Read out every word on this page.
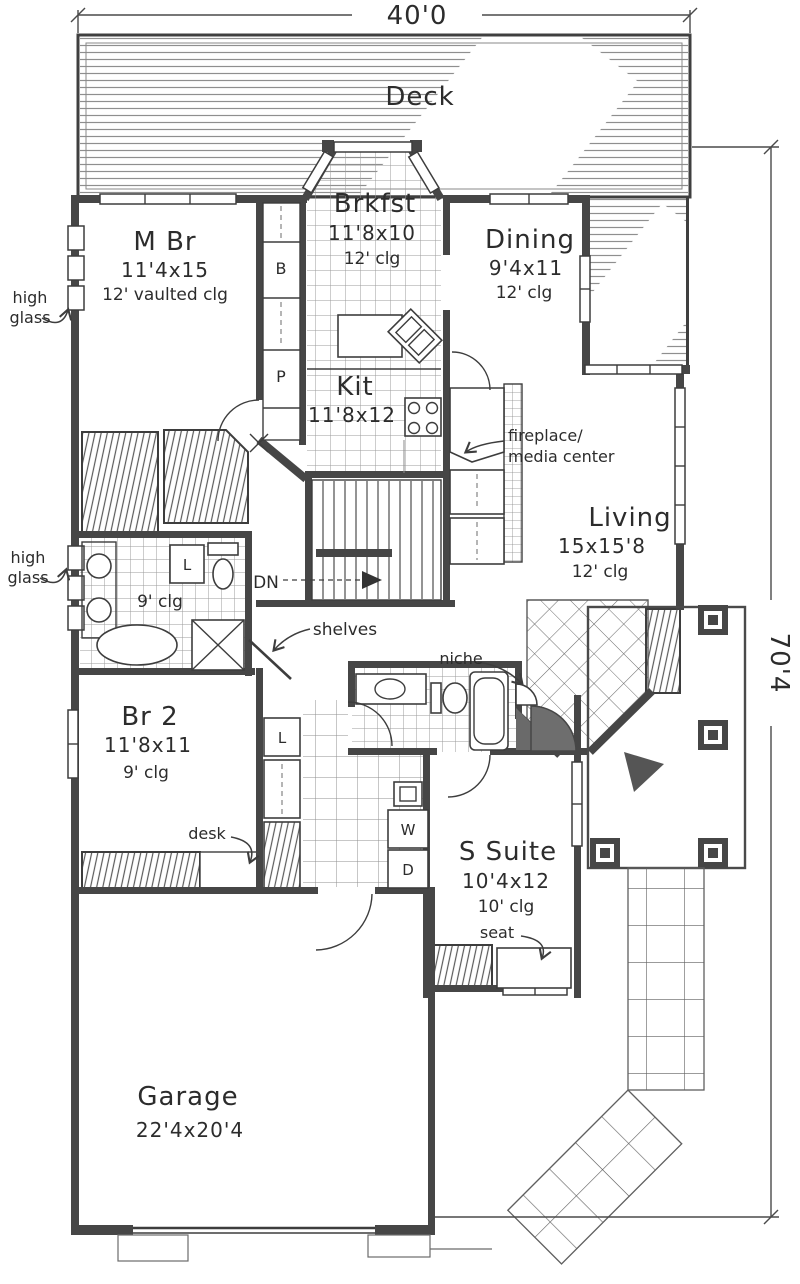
40'0
70'4
Deck
M Br
11'4x15
12' vaulted clg
Brkfst
11'8x10
12' clg
Dining
9'4x11
12' clg
Kit
11'8x12
Living
15x15'8
12' clg
9' clg
Br 2
11'8x11
9' clg
S Suite
10'4x12
10' clg
Garage
22'4x20'4
B
P
L
L
W
D
high
glass
high
glass
fireplace/
media center
DN
shelves
niche
desk
seat
